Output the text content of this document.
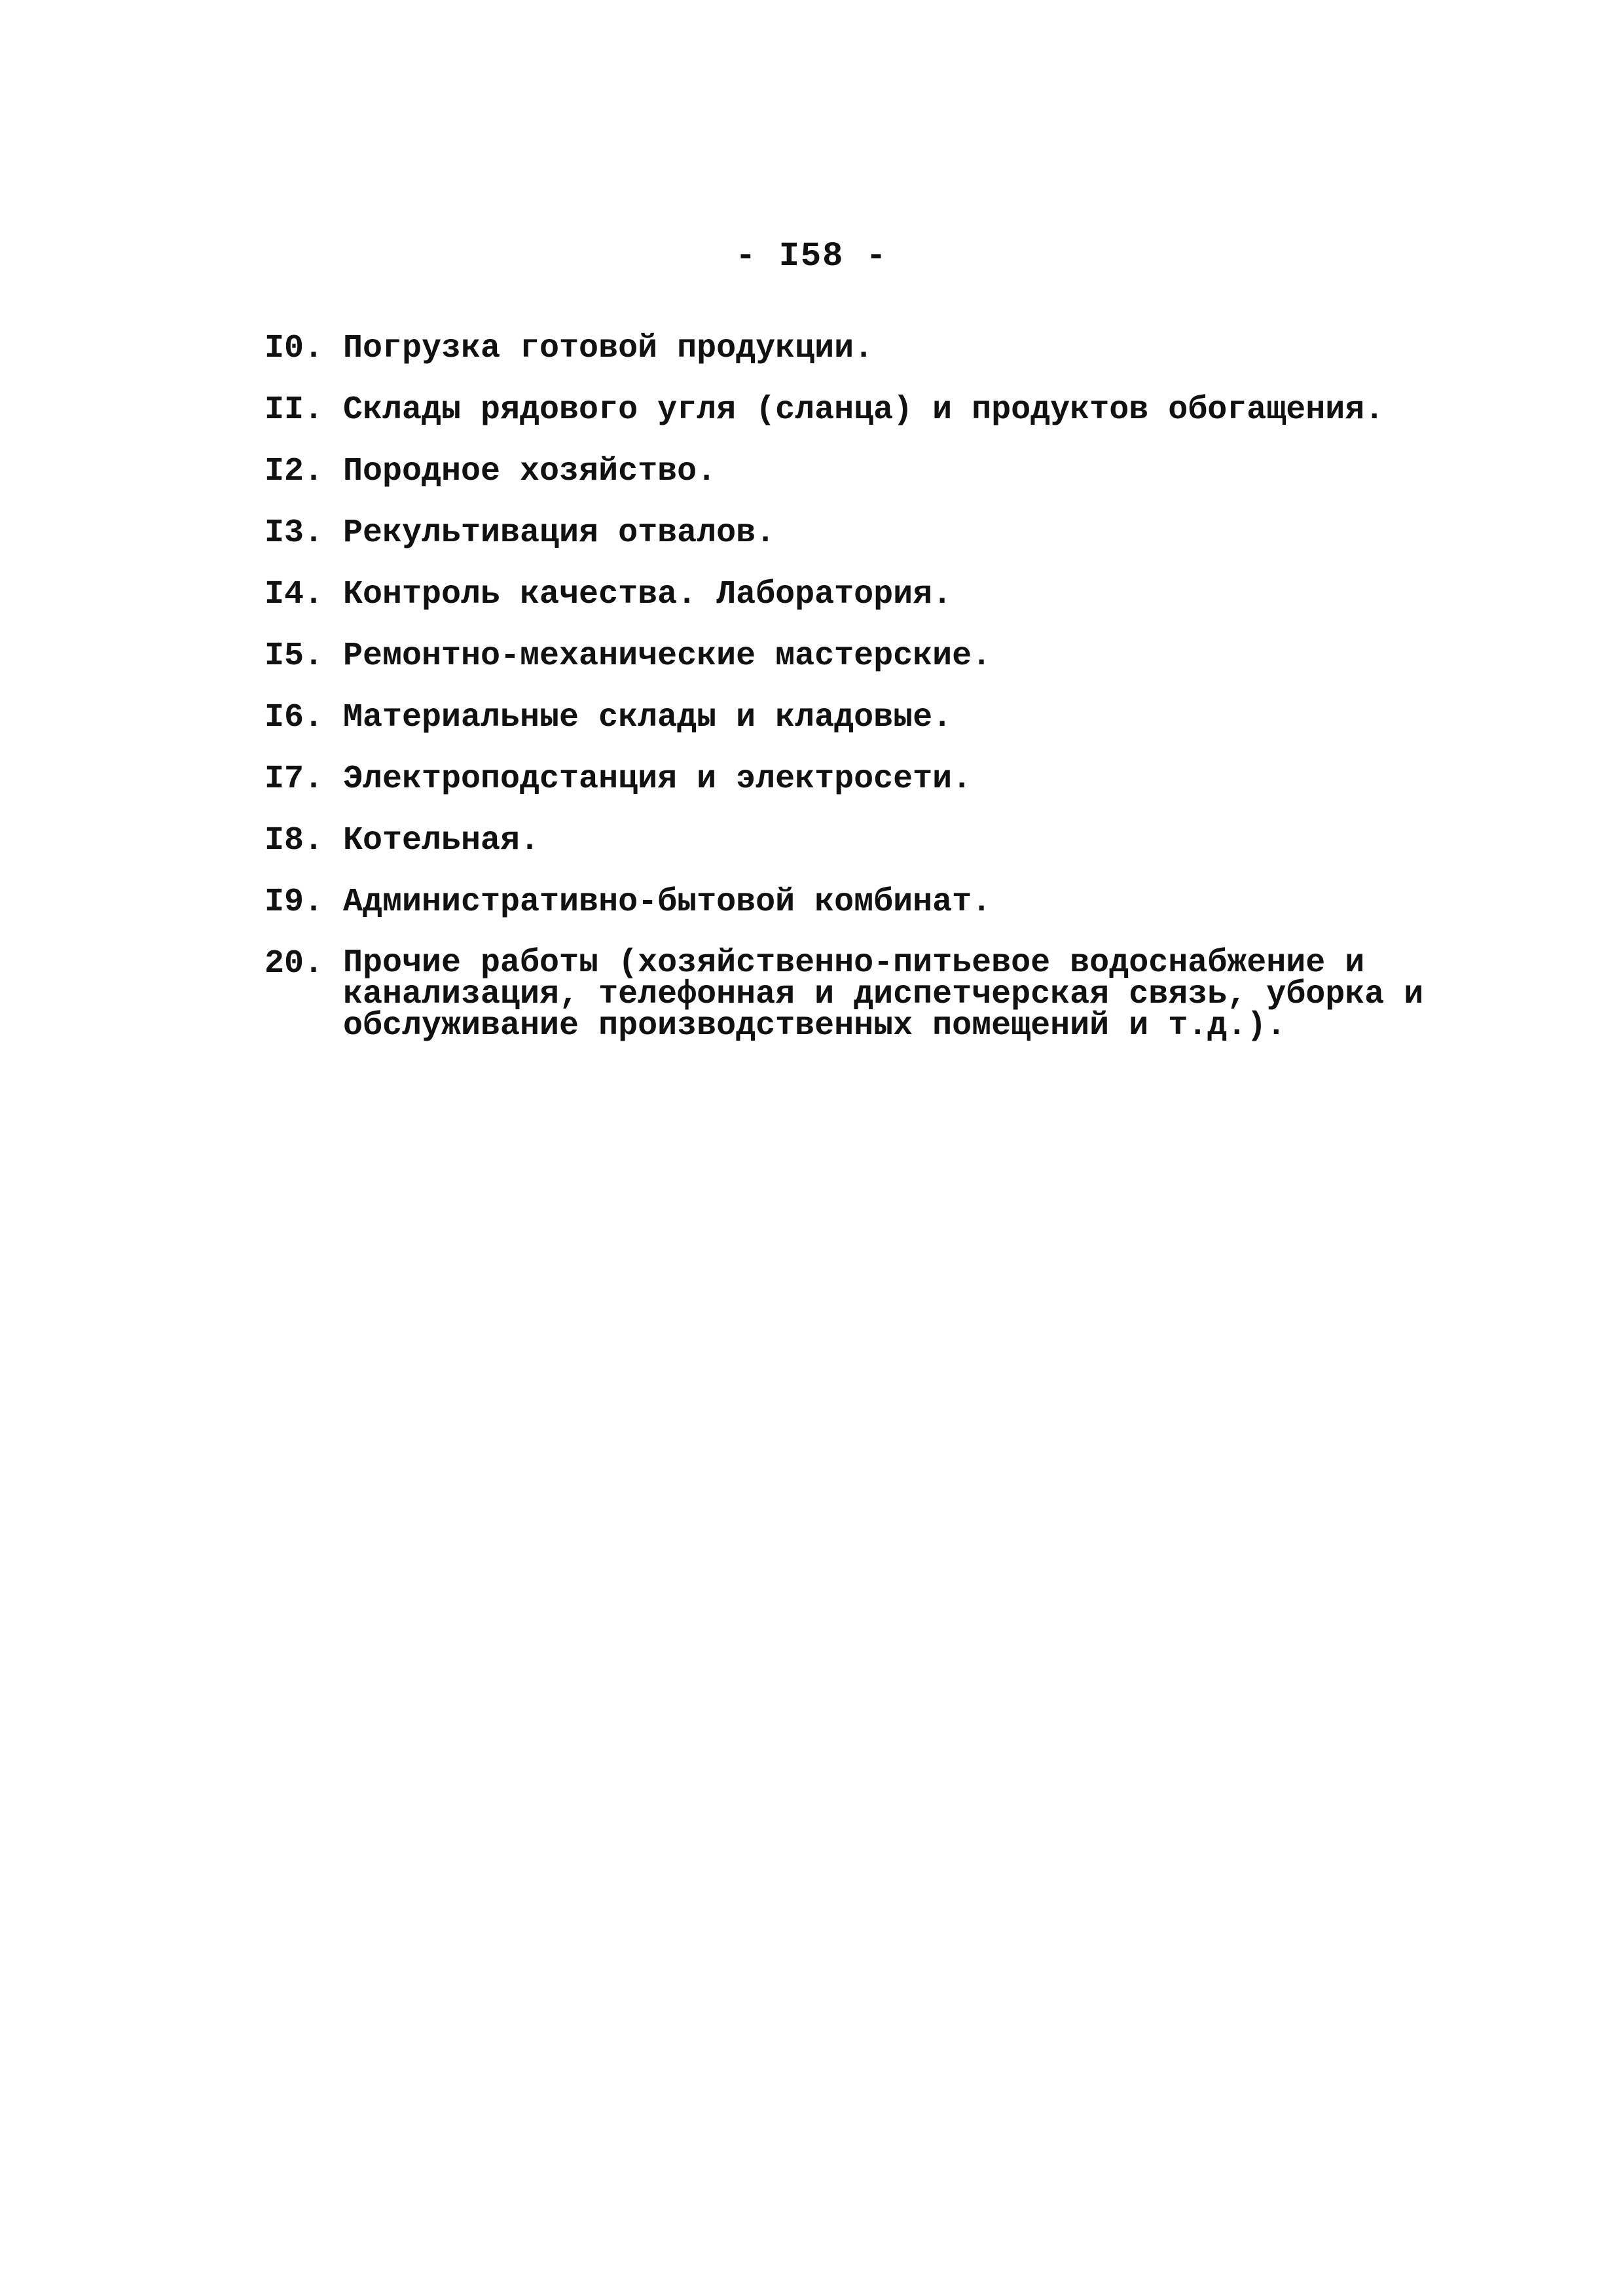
- I58 -
I0. Погрузка готовой продукции.
II. Склады рядового угля (сланца) и продуктов обогащения.
I2. Породное хозяйство.
I3. Рекультивация отвалов.
I4. Контроль качества. Лаборатория.
I5. Ремонтно-механические мастерские.
I6. Материальные склады и кладовые.
I7. Электроподстанция и электросети.
I8. Котельная.
I9. Административно-бытовой комбинат.
20. Прочие работы (хозяйственно-питьевое водоснабжение и
канализация, телефонная и диспетчерская связь, уборка и
обслуживание производственных помещений и т.д.).
